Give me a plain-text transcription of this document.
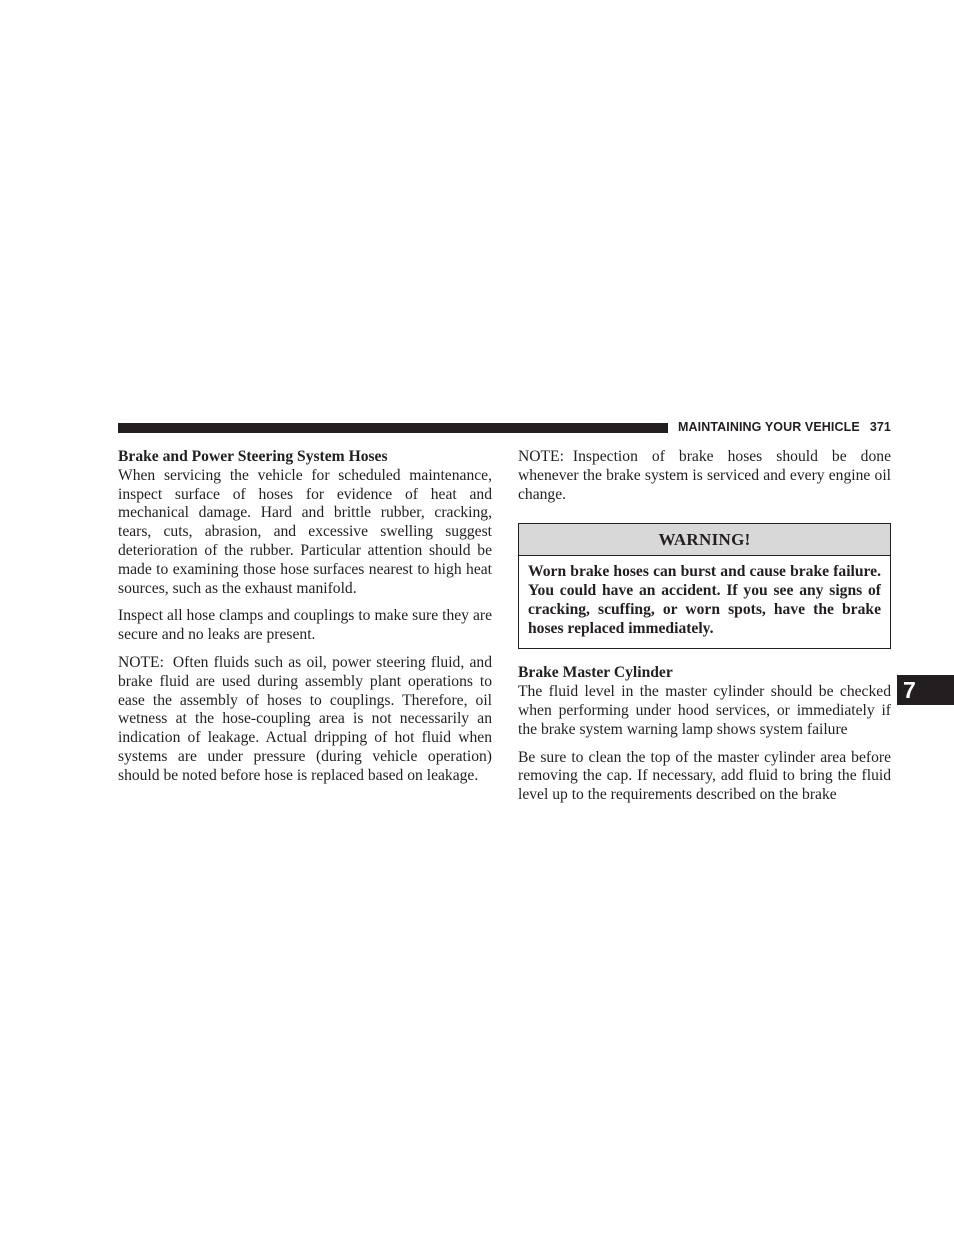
MAINTAINING YOUR VEHICLE 371
Brake and Power Steering System Hoses

When servicing the vehicle for scheduled maintenance, inspect surface of hoses for evidence of heat and mechanical damage. Hard and brittle rubber, cracking, tears, cuts, abrasion, and excessive swelling suggest deterioration of the rubber. Particular attention should be made to examining those hose surfaces nearest to high heat sources, such as the exhaust manifold.

Inspect all hose clamps and couplings to make sure they are secure and no leaks are present.

NOTE: Often fluids such as oil, power steering fluid, and brake fluid are used during assembly plant operations to ease the assembly of hoses to couplings. Therefore, oil wetness at the hose-coupling area is not necessarily an indication of leakage. Actual dripping of hot fluid when systems are under pressure (during vehicle operation) should be noted before hose is replaced based on leakage.

NOTE: Inspection of brake hoses should be done whenever the brake system is serviced and every engine oil change.

WARNING!
Worn brake hoses can burst and cause brake failure. You could have an accident. If you see any signs of cracking, scuffing, or worn spots, have the brake hoses replaced immediately.
Brake Master Cylinder

The fluid level in the master cylinder should be checked when performing under hood services, or immediately if the brake system warning lamp shows system failure

Be sure to clean the top of the master cylinder area before removing the cap. If necessary, add fluid to bring the fluid level up to the requirements described on the brake

7
